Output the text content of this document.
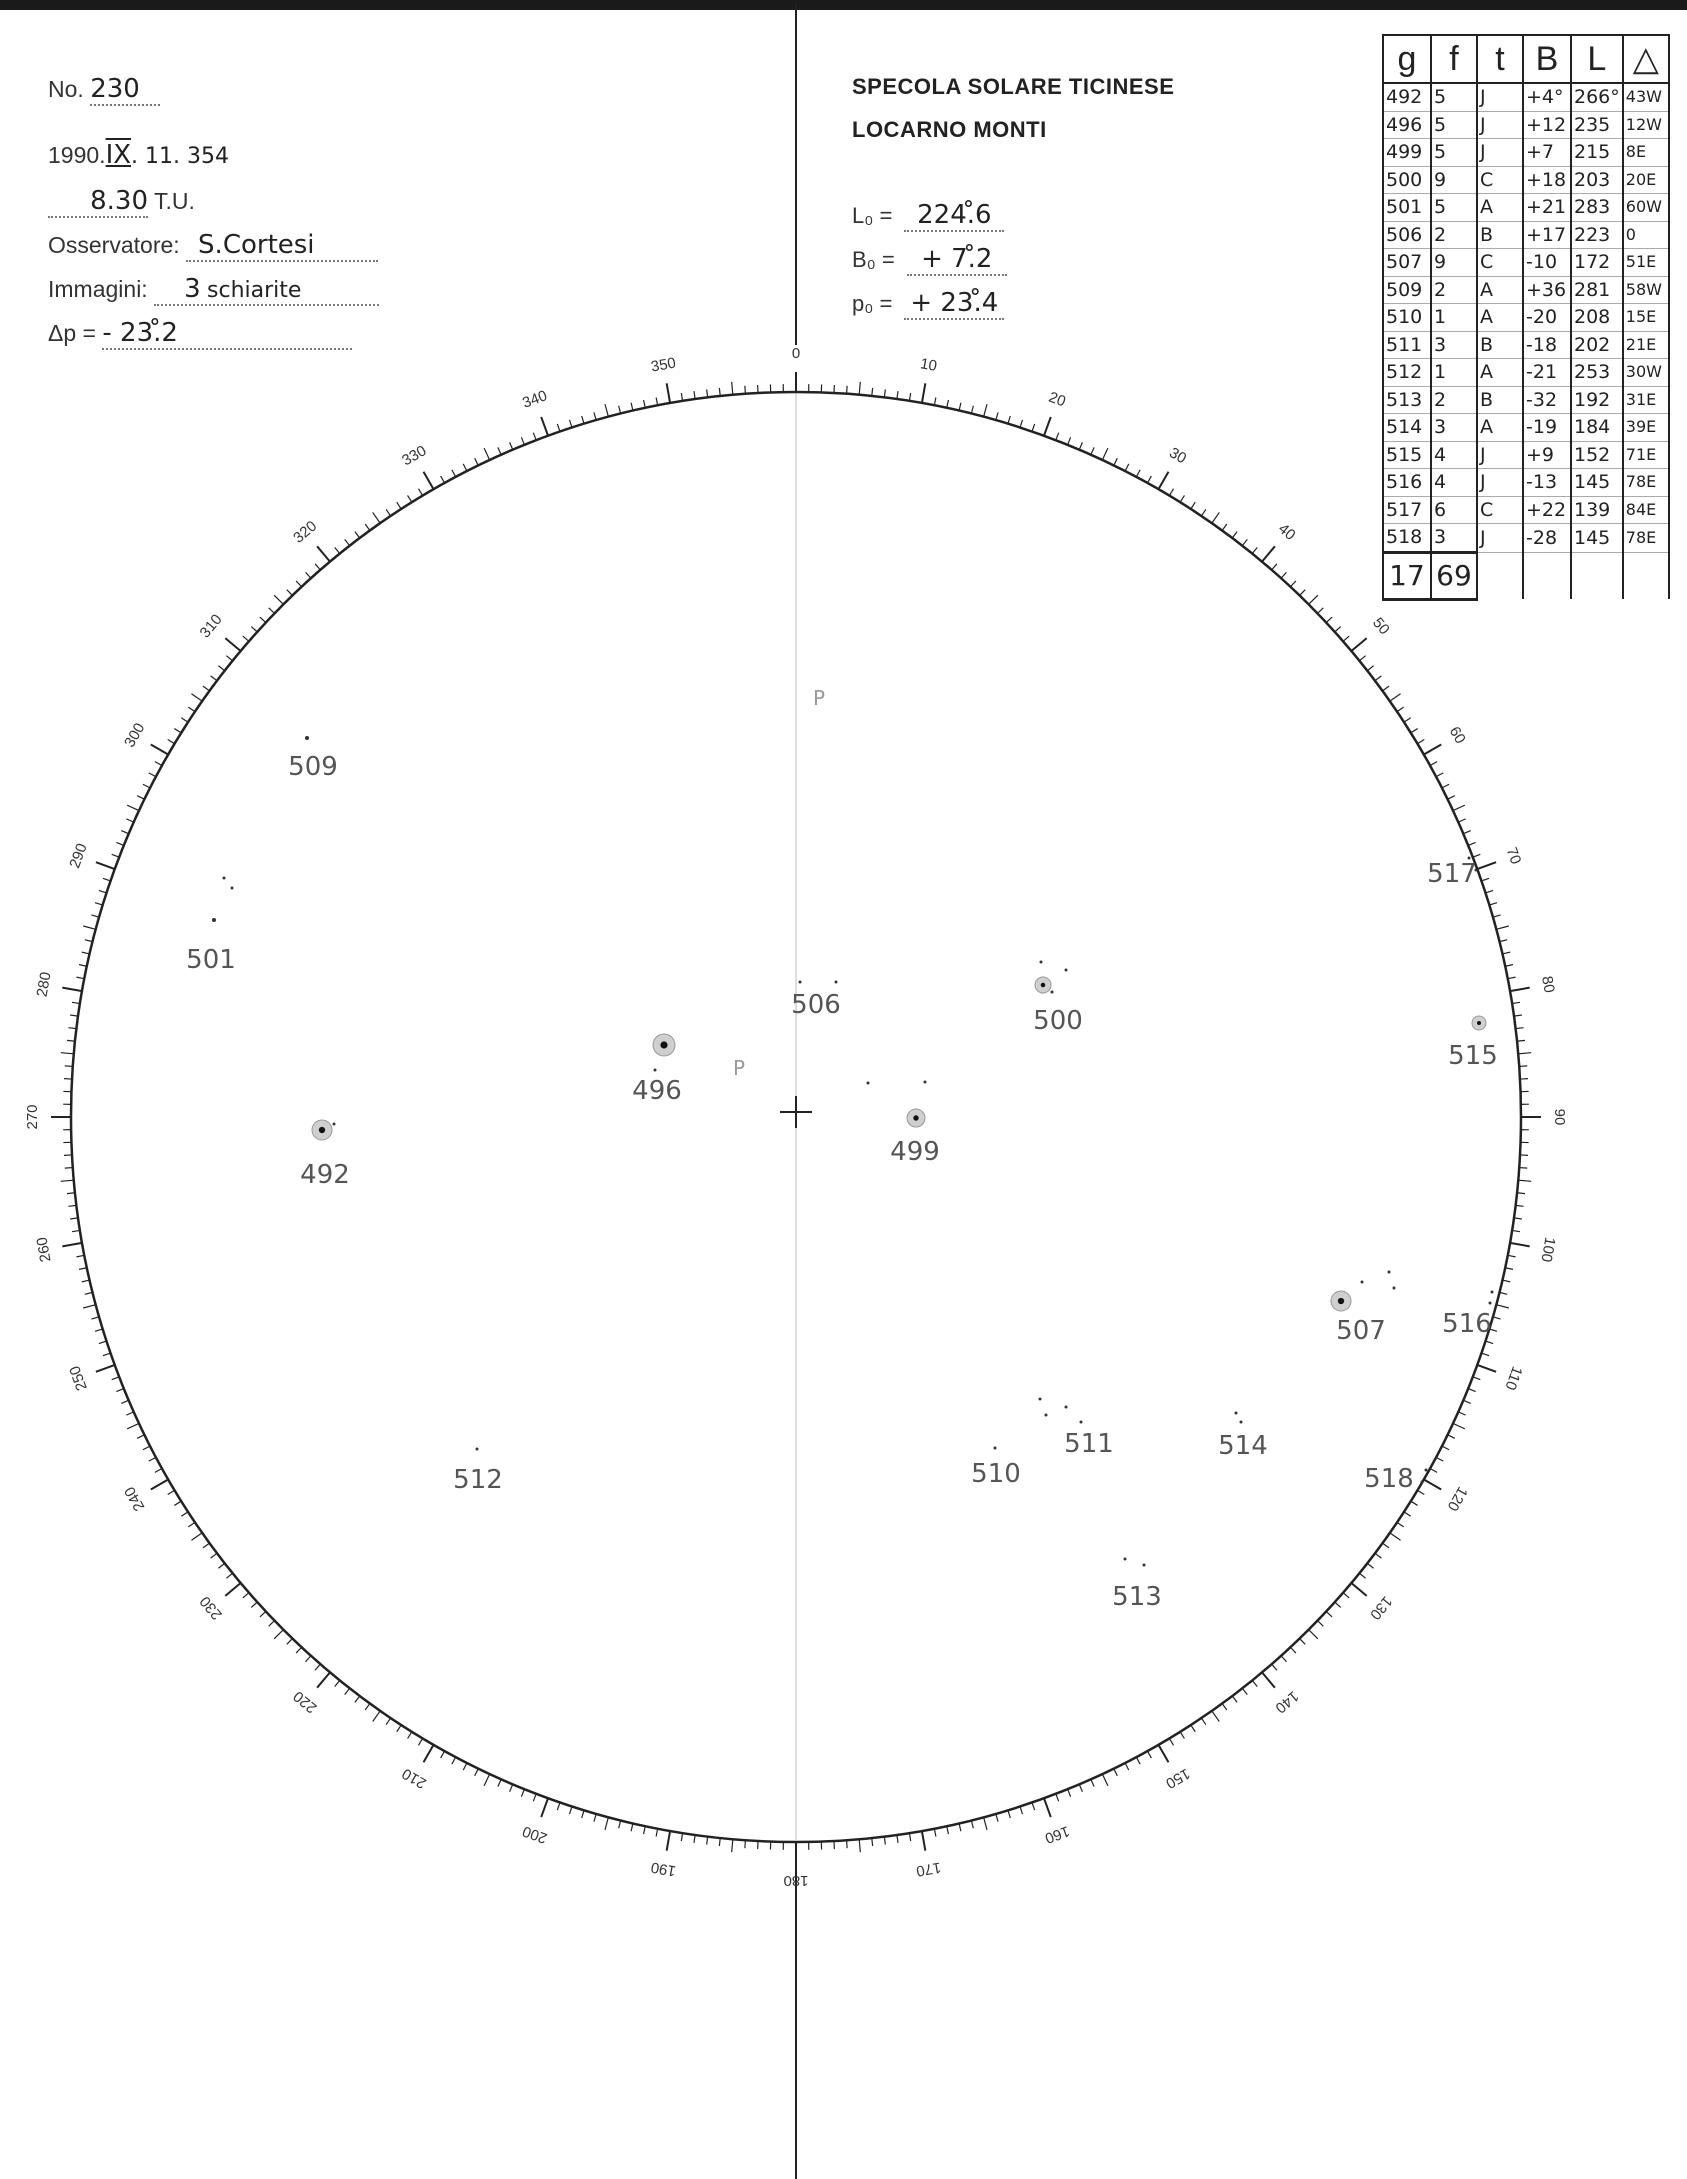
0
10
20
30
40
50
60
70
80
90
100
110
120
130
140
150
160
170
180
190
200
210
220
230
240
250
260
270
280
290
300
310
320
330
340
350
509
501
492
496
506
499
500
517
515
507 516
511	514
510
512	518
513
P
P
No. 230
1990.IX. 11. 354
8.30 T.U.
Osservatore: S.Cortesi
Immagini: 3 schiarite
Δp = - 23.̊2
SPECOLA SOLARE TICINESE
LOCARNO MONTI
L₀ = 224.̊6
B₀ = + 7.̊2
p₀ = + 23.̊4
g	f	t	B	L	△
492	5	J	+4°	266°	43W
496	5	J	+12	235	12W
499	5	J	+7	215	8E
500	9	C	+18	203	20E
501	5	A	+21	283	60W
506	2	B	+17	223	0
507	9	C	-10	172	51E
509	2	A	+36	281	58W
510	1	A	-20	208	15E
511	3	B	-18	202	21E
512	1	A	-21	253	30W
513	2	B	-32	192	31E
514	3	A	-19	184	39E
515	4	J	+9	152	71E
516	4	J	-13	145	78E
517	6	C	+22	139	84E
518	3	J	-28	145	78E
17	69				
